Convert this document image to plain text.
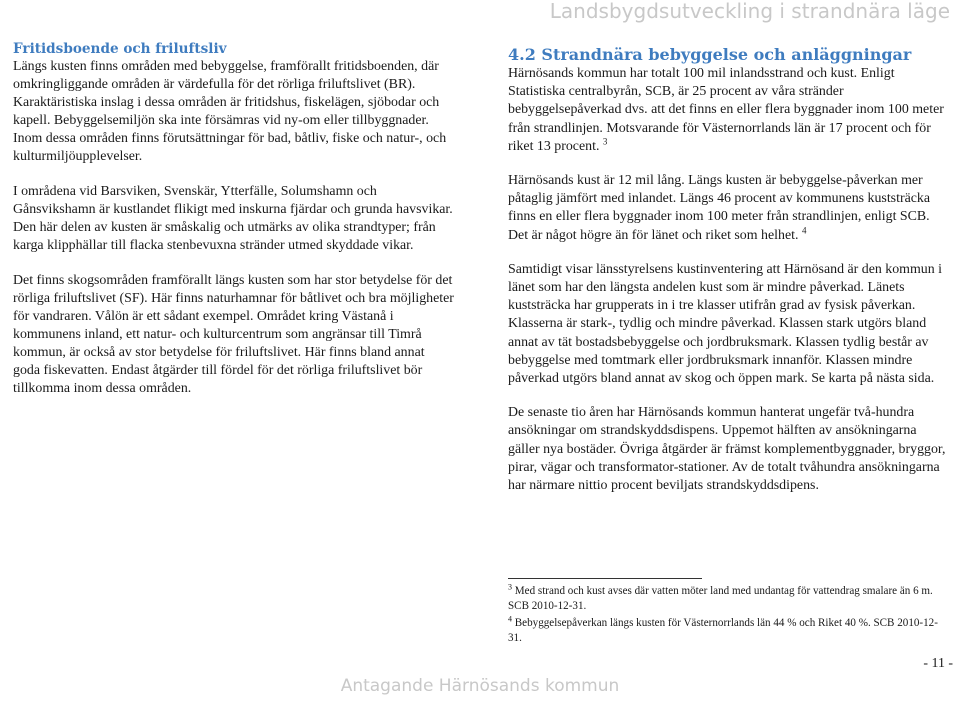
Landsbygdsutveckling i strandnära läge
Fritidsboende och friluftsliv

Längs kusten finns områden med bebyggelse, framförallt fritidsboenden, där omkringliggande områden är värdefulla för det rörliga friluftslivet (BR). Karaktäristiska inslag i dessa områden är fritidshus, fiskelägen, sjöbodar och kapell. Bebyggelsemiljön ska inte försämras vid ny-om eller tillbyggnader. Inom dessa områden finns förutsättningar för bad, båtliv, fiske och natur-, och kulturmiljöupplevelser.

I områdena vid Barsviken, Svenskär, Ytterfälle, Solumshamn och Gånsvikshamn är kustlandet flikigt med inskurna fjärdar och grunda havsvikar. Den här delen av kusten är småskalig och utmärks av olika strandtyper; från karga klipphällar till flacka stenbevuxna stränder utmed skyddade vikar.

Det finns skogsområden framförallt längs kusten som har stor betydelse för det rörliga friluftslivet (SF). Här finns naturhamnar för båtlivet och bra möjligheter för vandraren. Vålön är ett sådant exempel. Området kring Västanå i kommunens inland, ett natur- och kulturcentrum som angränsar till Timrå kommun, är också av stor betydelse för friluftslivet. Här finns bland annat goda fiskevatten. Endast åtgärder till fördel för det rörliga friluftslivet bör tillkomma inom dessa områden.

4.2 Strandnära bebyggelse och anläggningar

Härnösands kommun har totalt 100 mil inlandsstrand och kust. Enligt Statistiska centralbyrån, SCB, är 25 procent av våra stränder bebyggelsepåverkad dvs. att det finns en eller flera byggnader inom 100 meter från strandlinjen. Motsvarande för Västernorrlands län är 17 procent och för riket 13 procent. $^3$

Härnösands kust är 12 mil lång. Längs kusten är bebyggelse-påverkan mer påtaglig jämfört med inlandet. Längs 46 procent av kommunens kuststräcka finns en eller flera byggnader inom 100 meter från strandlinjen, enligt SCB. Det är något högre än för länet och riket som helhet. $^4$

Samtidigt visar länsstyrelsens kustinventering att Härnösand är den kommun i länet som har den längsta andelen kust som är mindre påverkad. Länets kuststräcka har grupperats in i tre klasser utifrån grad av fysisk påverkan. Klasserna är stark-, tydlig och mindre påverkad. Klassen stark utgörs bland annat av tät bostadsbebyggelse och jordbruksmark. Klassen tydlig består av bebyggelse med tomtmark eller jordbruksmark innanför. Klassen mindre påverkad utgörs bland annat av skog och öppen mark. Se karta på nästa sida.

De senaste tio åren har Härnösands kommun hanterat ungefär två-hundra ansökningar om strandskyddsdispens. Uppemot hälften av ansökningarna gäller nya bostäder. Övriga åtgärder är främst komplementbyggnader, bryggor, pirar, vägar och transformator-stationer. Av de totalt tvåhundra ansökningarna har närmare nittio procent beviljats strandskyddsdipens.

$^3$ Med strand och kust avses där vatten möter land med undantag för vattendrag smalare än 6 m. SCB 2010-12-31.

$^4$ Bebyggelsepåverkan längs kusten för Västernorrlands län 44 % och Riket 40 %. SCB 2010-12-31.

- 11 -
Antagande Härnösands kommun
